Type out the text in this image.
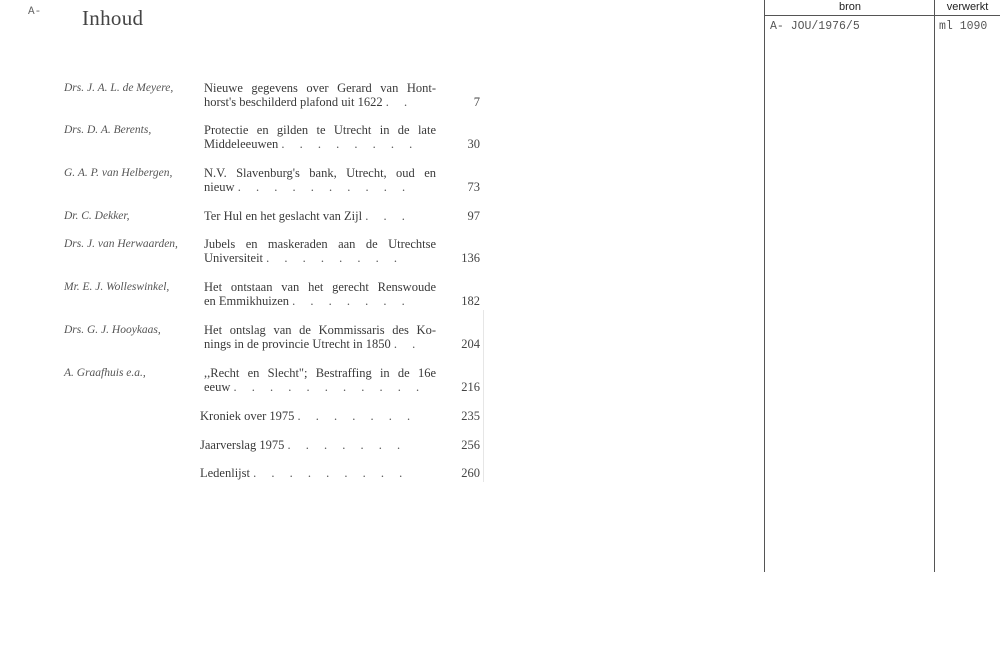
A- Inhoud
Drs. J. A. L. de Meyere, Nieuwe gegevens over Gerard van Hont-
horst's beschilderd plafond uit 1622 . .	7
Drs. D. A. Berents,	Protectie en gilden te Utrecht in de late
Middeleeuwen . . . . . . . .	30
G. A. P. van Helbergen,	N.V. Slavenburg's bank, Utrecht, oud en
nieuw . . . . . . . . . .	73
Dr. C. Dekker,	Ter Hul en het geslacht van Zijl . . .	97
Drs. J. van Herwaarden, Jubels en maskeraden aan de Utrechtse
Universiteit . . . . . . . .	136
Mr. E. J. Wolleswinkel,	Het ontstaan van het gerecht Renswoude
en Emmikhuizen . . . . . . .	182
Drs. G. J. Hooykaas,	Het ontslag van de Kommissaris des Ko-
nings in de provincie Utrecht in 1850 . .	204
A. Graafhuis e.a.,	,,Recht en Slecht"; Bestraffing in de 16e
eeuw . . . . . . . . . . .	216
Kroniek over 1975 . . . . . . .	235
Jaarverslag 1975 . . . . . . .	256
Ledenlijst . . . . . . . . .	260
bron	verwerkt
A- JOU/1976/5	ml 1090
